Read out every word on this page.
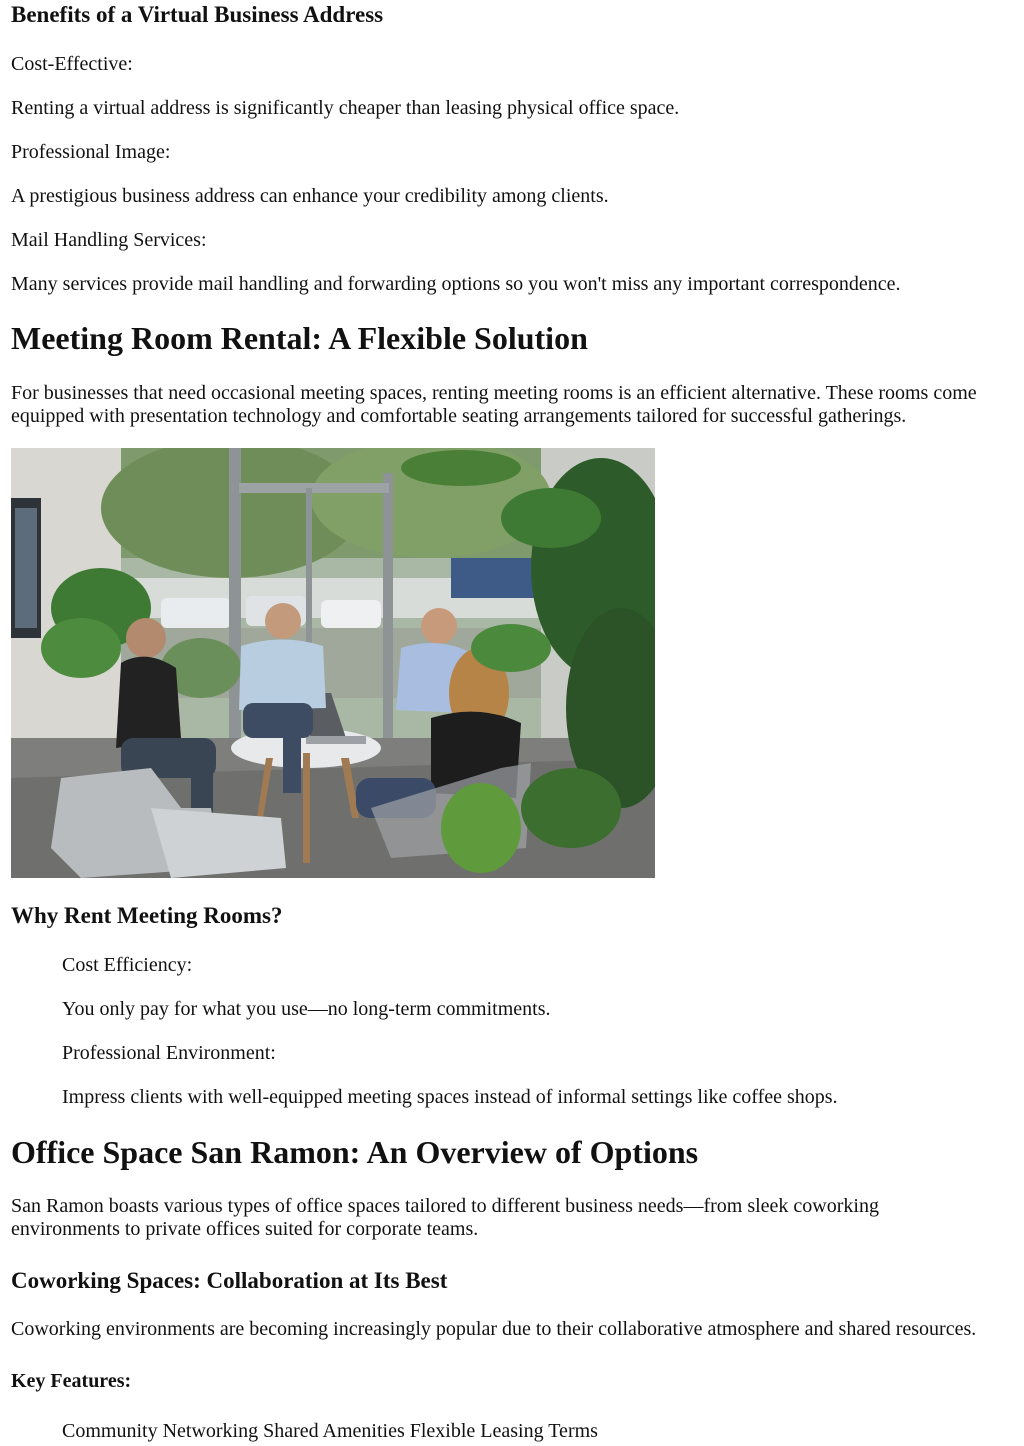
Benefits of a Virtual Business Address

Cost-Effective:

Renting a virtual address is significantly cheaper than leasing physical office space.

Professional Image:

A prestigious business address can enhance your credibility among clients.

Mail Handling Services:

Many services provide mail handling and forwarding options so you won't miss any important correspondence.

Meeting Room Rental: A Flexible Solution

For businesses that need occasional meeting spaces, renting meeting rooms is an efficient alternative. These rooms come equipped with presentation technology and comfortable seating arrangements tailored for successful gatherings.

Why Rent Meeting Rooms?

Cost Efficiency:

You only pay for what you use—no long-term commitments.

Professional Environment:

Impress clients with well-equipped meeting spaces instead of informal settings like coffee shops.

Office Space San Ramon: An Overview of Options

San Ramon boasts various types of office spaces tailored to different business needs—from sleek coworking environments to private offices suited for corporate teams.

Coworking Spaces: Collaboration at Its Best

Coworking environments are becoming increasingly popular due to their collaborative atmosphere and shared resources.

Key Features:

Community Networking Shared Amenities Flexible Leasing Terms
